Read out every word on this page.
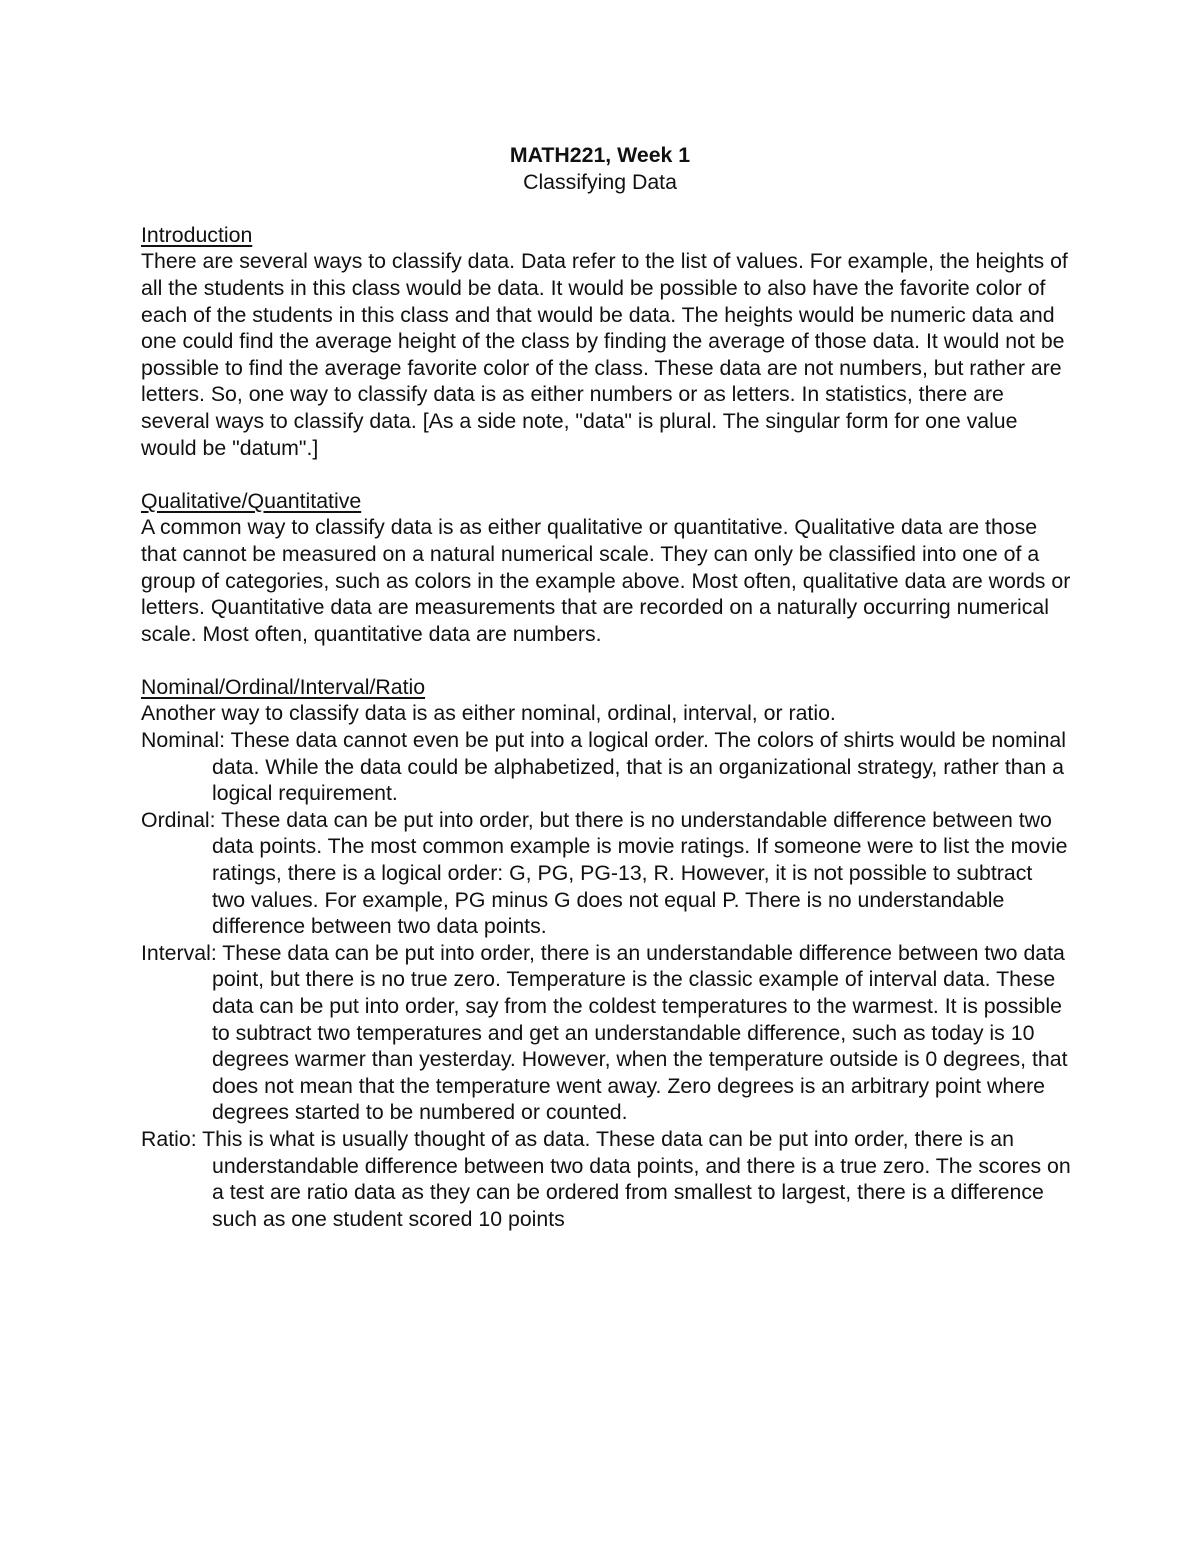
MATH221, Week 1

Classifying Data

Introduction

There are several ways to classify data. Data refer to the list of values. For example, the heights of all the students in this class would be data. It would be possible to also have the favorite color of each of the students in this class and that would be data. The heights would be numeric data and one could find the average height of the class by finding the average of those data. It would not be possible to find the average favorite color of the class. These data are not numbers, but rather are letters. So, one way to classify data is as either numbers or as letters. In statistics, there are several ways to classify data. [As a side note, "data" is plural. The singular form for one value would be "datum".]

Qualitative/Quantitative

A common way to classify data is as either qualitative or quantitative. Qualitative data are those that cannot be measured on a natural numerical scale. They can only be classified into one of a group of categories, such as colors in the example above. Most often, qualitative data are words or letters. Quantitative data are measurements that are recorded on a naturally occurring numerical scale. Most often, quantitative data are numbers.

Nominal/Ordinal/Interval/Ratio

Another way to classify data is as either nominal, ordinal, interval, or ratio.

Nominal: These data cannot even be put into a logical order. The colors of shirts would be nominal data. While the data could be alphabetized, that is an organizational strategy, rather than a logical requirement.

Ordinal: These data can be put into order, but there is no understandable difference between two data points. The most common example is movie ratings. If someone were to list the movie ratings, there is a logical order: G, PG, PG-13, R. However, it is not possible to subtract two values. For example, PG minus G does not equal P. There is no understandable difference between two data points.

Interval: These data can be put into order, there is an understandable difference between two data point, but there is no true zero. Temperature is the classic example of interval data. These data can be put into order, say from the coldest temperatures to the warmest. It is possible to subtract two temperatures and get an understandable difference, such as today is 10 degrees warmer than yesterday. However, when the temperature outside is 0 degrees, that does not mean that the temperature went away. Zero degrees is an arbitrary point where degrees started to be numbered or counted.

Ratio: This is what is usually thought of as data. These data can be put into order, there is an understandable difference between two data points, and there is a true zero. The scores on a test are ratio data as they can be ordered from smallest to largest, there is a difference such as one student scored 10 points
